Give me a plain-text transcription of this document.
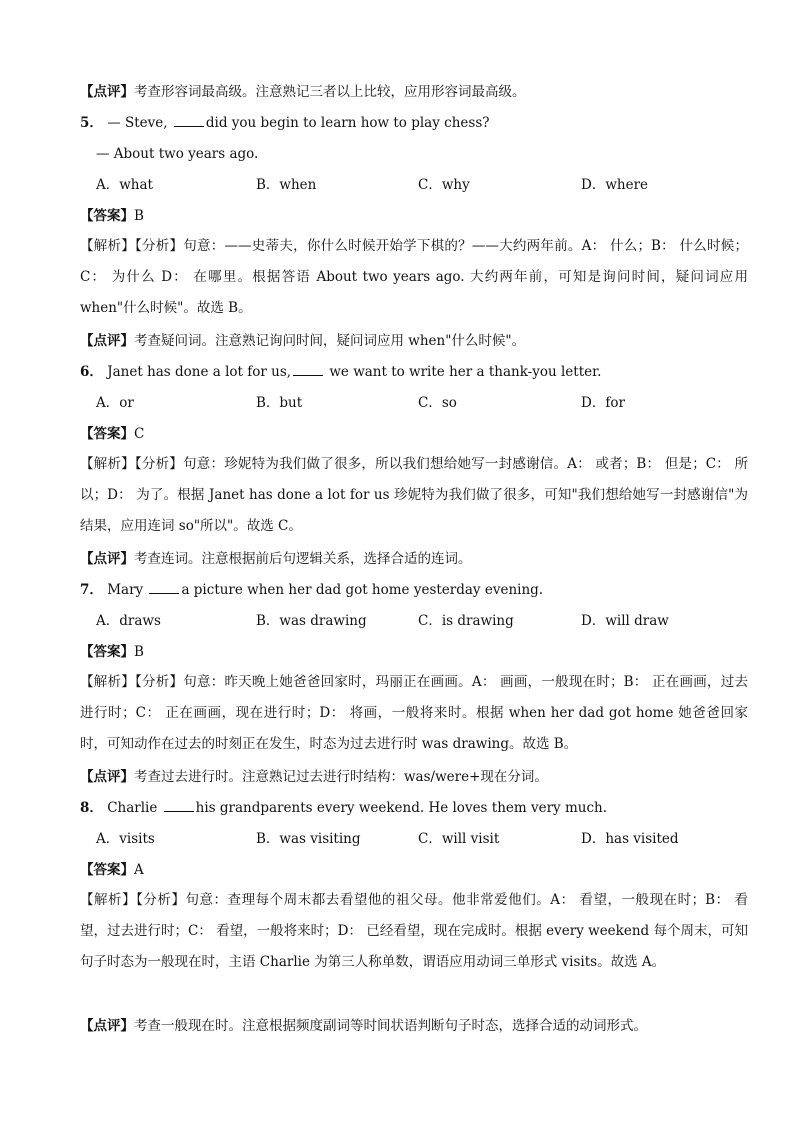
【点评】考查形容词最高级。注意熟记三者以上比较，应用形容词最高级。
5． — Steve,	did you begin to learn how to play chess?
— About two years ago.
A．what	B．when	C．why	D．where
【答案】B

【解析】【分析】句意：——史蒂夫，你什么时候开始学下棋的？——大约两年前。A： 什么；B： 什么时候；C： 为什么 D： 在哪里。根据答语 About two years ago. 大约两年前，可知是询问时间，疑问词应用 when"什么时候"。故选 B。

【点评】考查疑问词。注意熟记询问时间，疑问词应用 when"什么时候"。
6． Janet has done a lot for us,	we want to write her a thank-you letter.
A．or	B．but	C．so	D．for
【答案】C

【解析】【分析】句意：珍妮特为我们做了很多，所以我们想给她写一封感谢信。A： 或者；B： 但是；C： 所以；D： 为了。根据 Janet has done a lot for us 珍妮特为我们做了很多，可知"我们想给她写一封感谢信"为结果，应用连词 so"所以"。故选 C。

【点评】考查连词。注意根据前后句逻辑关系，选择合适的连词。
7． Mary	a picture when her dad got home yesterday evening.
A．draws	B．was drawing	C．is drawing	D．will draw
【答案】B

【解析】【分析】句意：昨天晚上她爸爸回家时，玛丽正在画画。A： 画画，一般现在时；B： 正在画画，过去进行时；C： 正在画画，现在进行时；D： 将画，一般将来时。根据 when her dad got home 她爸爸回家时，可知动作在过去的时刻正在发生，时态为过去进行时 was drawing。故选 B。

【点评】考查过去进行时。注意熟记过去进行时结构：was/were+现在分词。
8． Charlie	his grandparents every weekend. He loves them very much.
A．visits	B．was visiting	C．will visit	D．has visited
【答案】A

【解析】【分析】句意：查理每个周末都去看望他的祖父母。他非常爱他们。A： 看望，一般现在时；B： 看望，过去进行时；C： 看望，一般将来时；D： 已经看望，现在完成时。根据 every weekend 每个周末，可知句子时态为一般现在时，主语 Charlie 为第三人称单数，谓语应用动词三单形式 visits。故选 A。

【点评】考查一般现在时。注意根据频度副词等时间状语判断句子时态，选择合适的动词形式。
